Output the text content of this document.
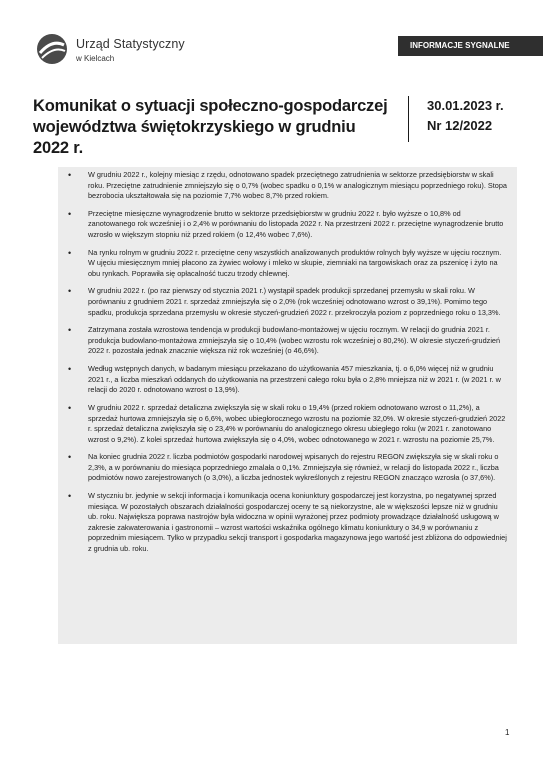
Urząd Statystyczny
w Kielcach
INFORMACJE SYGNALNE
Komunikat o sytuacji społeczno-gospodarczej
województwa świętokrzyskiego w grudniu 2022 r.
30.01.2023 r.
Nr 12/2022
• W grudniu 2022 r., kolejny miesiąc z rzędu, odnotowano spadek przeciętnego zatrudnienia w sektorze przedsiębiorstw w skali roku. Przeciętne zatrudnienie zmniejszyło się o 0,7% (wobec spadku o 0,1% w analogicznym miesiącu poprzedniego roku). Stopa bezrobocia ukształtowała się na poziomie 7,7% wobec 8,7% przed rokiem.
• Przeciętne miesięczne wynagrodzenie brutto w sektorze przedsiębiorstw w grudniu 2022 r. było wyższe o 10,8% od zanotowanego rok wcześniej i o 2,4% w porównaniu do listopada 2022 r. Na przestrzeni 2022 r. przeciętne wynagrodzenie brutto wzrosło w większym stopniu niż przed rokiem (o 12,4% wobec 7,6%).
• Na rynku rolnym w grudniu 2022 r. przeciętne ceny wszystkich analizowanych produktów rolnych były wyższe w ujęciu rocznym. W ujęciu miesięcznym mniej płacono za żywiec wołowy i mleko w skupie, ziemniaki na targowiskach oraz za pszenicę i żyto na obu rynkach. Poprawiła się opłacalność tuczu trzody chlewnej.
• W grudniu 2022 r. (po raz pierwszy od stycznia 2021 r.) wystąpił spadek produkcji sprzedanej przemysłu w skali roku. W porównaniu z grudniem 2021 r. sprzedaż zmniejszyła się o 2,0% (rok wcześniej odnotowano wzrost o 39,1%). Pomimo tego spadku, produkcja sprzedana przemysłu w okresie styczeń-grudzień 2022 r. przekroczyła poziom z poprzedniego roku o 13,3%.
• Zatrzymana została wzrostowa tendencja w produkcji budowlano-montażowej w ujęciu rocznym. W relacji do grudnia 2021 r. produkcja budowlano-montażowa zmniejszyła się o 10,4% (wobec wzrostu rok wcześniej o 80,2%). W okresie styczeń-grudzień 2022 r. pozostała jednak znacznie większa niż rok wcześniej (o 46,6%).
• Według wstępnych danych, w badanym miesiącu przekazano do użytkowania 457 mieszkania, tj. o 6,0% więcej niż w grudniu 2021 r., a liczba mieszkań oddanych do użytkowania na przestrzeni całego roku była o 2,8% mniejsza niż w 2021 r. (w 2021 r. w relacji do 2020 r. odnotowano wzrost o 13,9%).
• W grudniu 2022 r. sprzedaż detaliczna zwiększyła się w skali roku o 19,4% (przed rokiem odnotowano wzrost o 11,2%), a sprzedaż hurtowa zmniejszyła się o 6,6%, wobec ubiegłorocznego wzrostu na poziomie 32,0%. W okresie styczeń-grudzień 2022 r. sprzedaż detaliczna zwiększyła się o 23,4% w porównaniu do analogicznego okresu ubiegłego roku (w 2021 r. zanotowano wzrost o 9,2%). Z kolei sprzedaż hurtowa zwiększyła się o 4,0%, wobec odnotowanego w 2021 r. wzrostu na poziomie 25,7%.
• Na koniec grudnia 2022 r. liczba podmiotów gospodarki narodowej wpisanych do rejestru REGON zwiększyła się w skali roku o 2,3%, a w porównaniu do miesiąca poprzedniego zmalała o 0,1%. Zmniejszyła się również, w relacji do listopada 2022 r., liczba podmiotów nowo zarejestrowanych (o 3,0%), a liczba jednostek wykreślonych z rejestru REGON znacząco wzrosła (o 37,6%).
• W styczniu br. jedynie w sekcji informacja i komunikacja ocena koniunktury gospodarczej jest korzystna, po negatywnej sprzed miesiąca. W pozostałych obszarach działalności gospodarczej oceny te są niekorzystne, ale w większości lepsze niż w grudniu ub. roku. Największa poprawa nastrojów była widoczna w opinii wyrażonej przez podmioty prowadzące działalność usługową w zakresie zakwaterowania i gastronomii – wzrost wartości wskaźnika ogólnego klimatu koniunktury o 34,9 w porównaniu z poprzednim miesiącem. Tylko w przypadku sekcji transport i gospodarka magazynowa jego wartość jest zbliżona do odpowiedniej z grudnia ub. roku.
1
